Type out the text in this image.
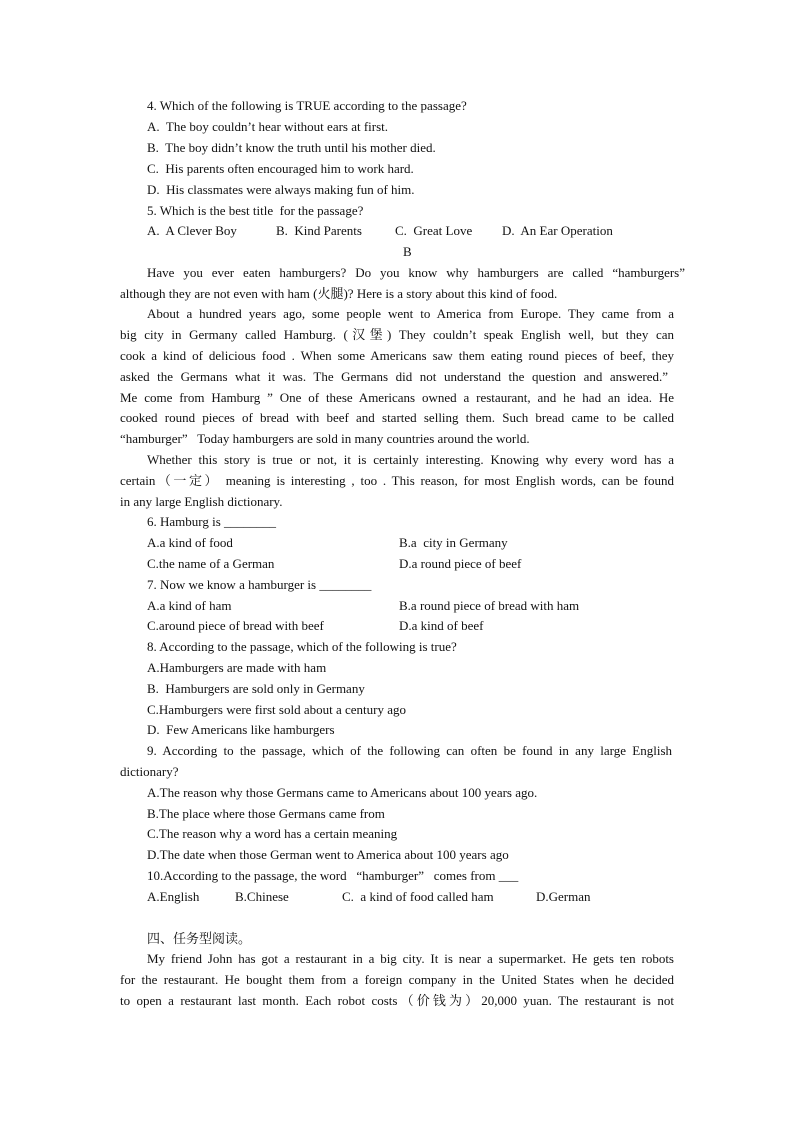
4. Which of the following is TRUE according to the passage?
A.  The boy couldn’t hear without ears at first.
B.  The boy didn’t know the truth until his mother died.
C.  His parents often encouraged him to work hard.
D.  His classmates were always making fun of him.
5. Which is the best title  for the passage?
A.  A Clever Boy	B.  Kind Parents	C.  Great Love D.  An Ear Operation
B
Have you ever eaten hamburgers? Do you know why hamburgers are called “hamburgers”
although they are not even with ham (火腿)? Here is a story about this kind of food.
About a hundred years ago, some people went to America from Europe. They came from a
big city in Germany called Hamburg. (汉堡) They couldn’t speak English well, but they can
cook a kind of delicious food . When some Americans saw them eating round pieces of beef, they
asked the Germans what it was. The Germans did not understand the question and answered.”
Me come from Hamburg ” One of these Americans owned a restaurant, and he had an idea. He
cooked round pieces of bread with beef and started selling them. Such bread came to be called
“hamburger”   Today hamburgers are sold in many countries around the world.
Whether this story is true or not, it is certainly interesting. Knowing why every word has a
certain（一定） meaning is interesting , too . This reason, for most English words, can be found
in any large English dictionary.
6. Hamburg is ________
A.a kind of food	B.a  city in Germany
C.the name of a German	D.a round piece of beef
7. Now we know a hamburger is ________
A.a kind of ham	B.a round piece of bread with ham
C.around piece of bread with beef	D.a kind of beef
8. According to the passage, which of the following is true?
A.Hamburgers are made with ham
B.  Hamburgers are sold only in Germany
C.Hamburgers were first sold about a century ago
D.  Few Americans like hamburgers
9. According to the passage, which of the following can often be found in any large English
dictionary?
A.The reason why those Germans came to Americans about 100 years ago.
B.The place where those Germans came from
C.The reason why a word has a certain meaning
D.The date when those German went to America about 100 years ago
10.According to the passage, the word   “hamburger”   comes from ___
A.English	B.Chinese	C.  a kind of food called ham	D.German
四、任务型阅读。
My friend John has got a restaurant in a big city. It is near a supermarket. He gets ten robots
for the restaurant. He bought them from a foreign company in the United States when he decided
to open a restaurant last month. Each robot costs（价钱为）20,000 yuan. The restaurant is not
